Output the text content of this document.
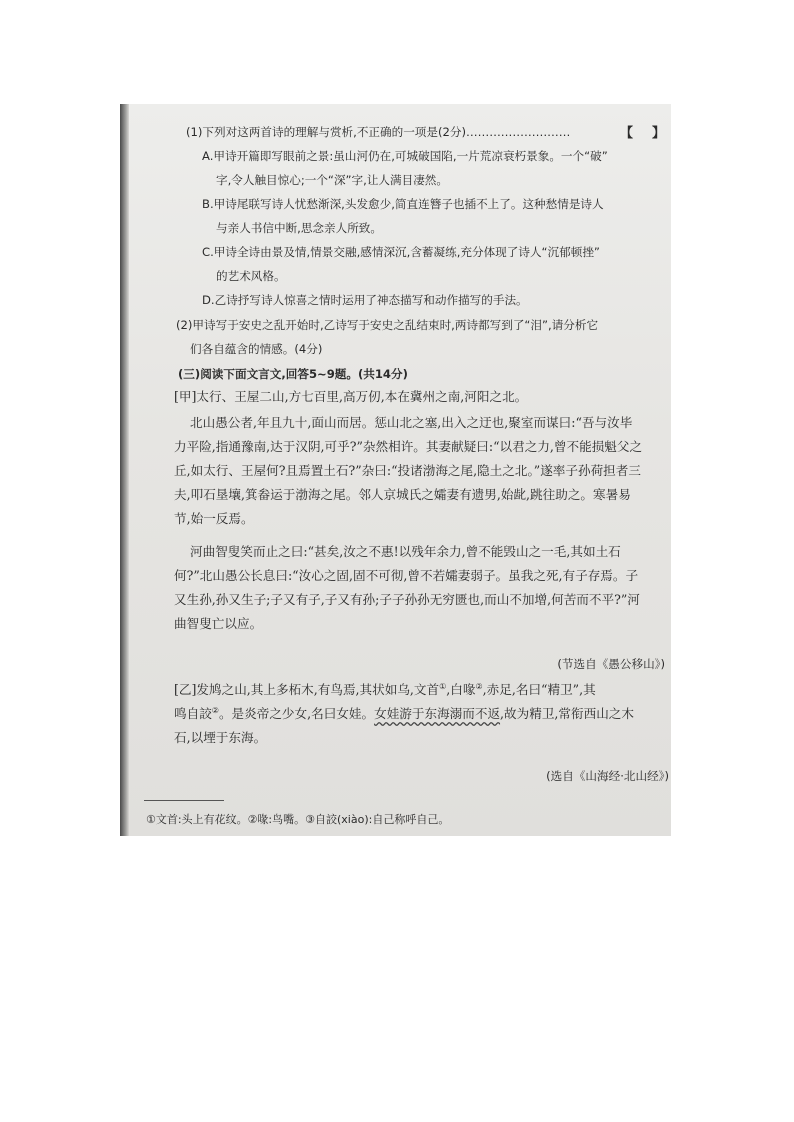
(1)下列对这两首诗的理解与赏析,不正确的一项是(2分)………………………	【 】
A.甲诗开篇即写眼前之景:虽山河仍在,可城破国陷,一片荒凉衰朽景象。一个“破”
字,令人触目惊心;一个“深”字,让人满目凄然。
B.甲诗尾联写诗人忧愁渐深,头发愈少,简直连簪子也插不上了。这种愁情是诗人
与亲人书信中断,思念亲人所致。
C.甲诗全诗由景及情,情景交融,感情深沉,含蓄凝练,充分体现了诗人“沉郁顿挫”
的艺术风格。
D.乙诗抒写诗人惊喜之情时运用了神态描写和动作描写的手法。
(2)甲诗写于安史之乱开始时,乙诗写于安史之乱结束时,两诗都写到了“泪”,请分析它
们各自蕴含的情感。(4分)
(三)阅读下面文言文,回答5~9题。(共14分)
[甲]太行、王屋二山,方七百里,高万仞,本在冀州之南,河阳之北。
北山愚公者,年且九十,面山而居。惩山北之塞,出入之迂也,聚室而谋曰:“吾与汝毕
力平险,指通豫南,达于汉阴,可乎?”杂然相许。其妻献疑曰:“以君之力,曾不能损魁父之
丘,如太行、王屋何?且焉置土石?”杂曰:“投诸渤海之尾,隐土之北。”遂率子孙荷担者三
夫,叩石垦壤,箕畚运于渤海之尾。邻人京城氏之孀妻有遗男,始龀,跳往助之。寒暑易
节,始一反焉。
河曲智叟笑而止之曰:“甚矣,汝之不惠!以残年余力,曾不能毁山之一毛,其如土石
何?”北山愚公长息曰:“汝心之固,固不可彻,曾不若孀妻弱子。虽我之死,有子存焉。子
又生孙,孙又生子;子又有子,子又有孙;子子孙孙无穷匮也,而山不加增,何苦而不平?”河
曲智叟亡以应。
(节选自《愚公移山》)
[乙]发鸠之山,其上多柘木,有鸟焉,其状如乌,文首①,白喙②,赤足,名曰“精卫”,其
鸣自詨②。是炎帝之少女,名曰女娃。女娃游于东海溺而不返,故为精卫,常衔西山之木
石,以堙于东海。
(选自《山海经·北山经》)
①文首:头上有花纹。②喙:鸟嘴。③自詨(xiào):自己称呼自己。
